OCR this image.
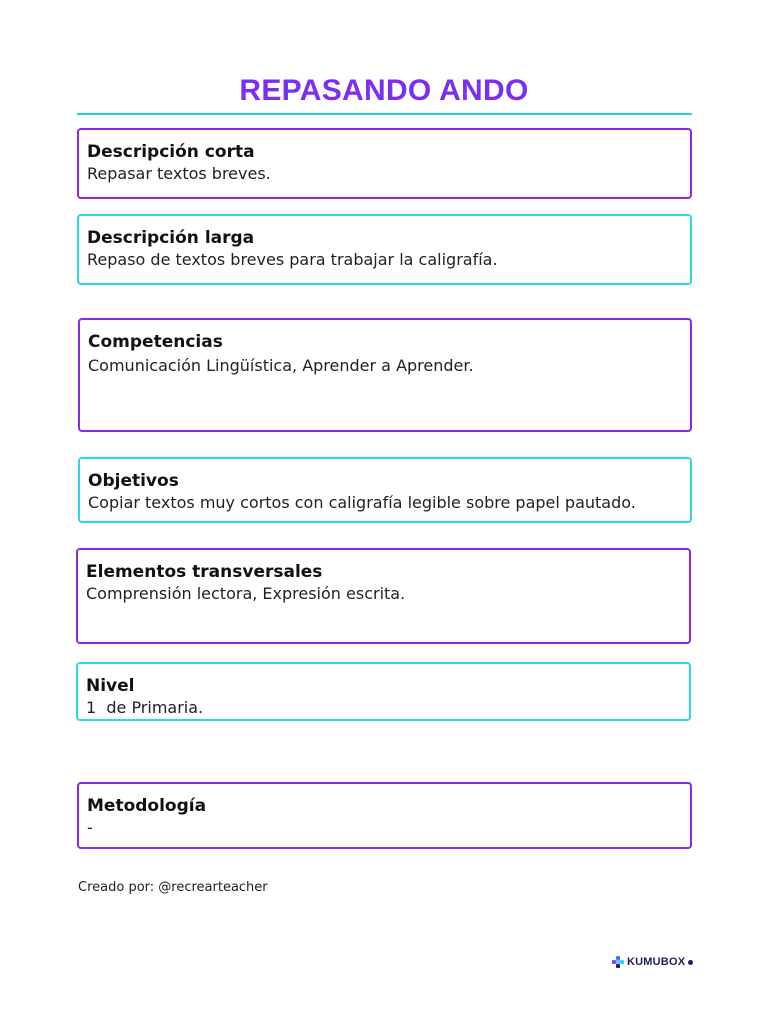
REPASANDO ANDO
Descripción corta
Repasar textos breves.
Descripción larga
Repaso de textos breves para trabajar la caligrafía.
Competencias
Comunicación Lingüística, Aprender a Aprender.
Objetivos
Copiar textos muy cortos con caligrafía legible sobre papel pautado.
Elementos transversales
Comprensión lectora, Expresión escrita.
Nivel
1  de Primaria.
Metodología
-
Creado por: @recrearteacher
KUMUBOX
